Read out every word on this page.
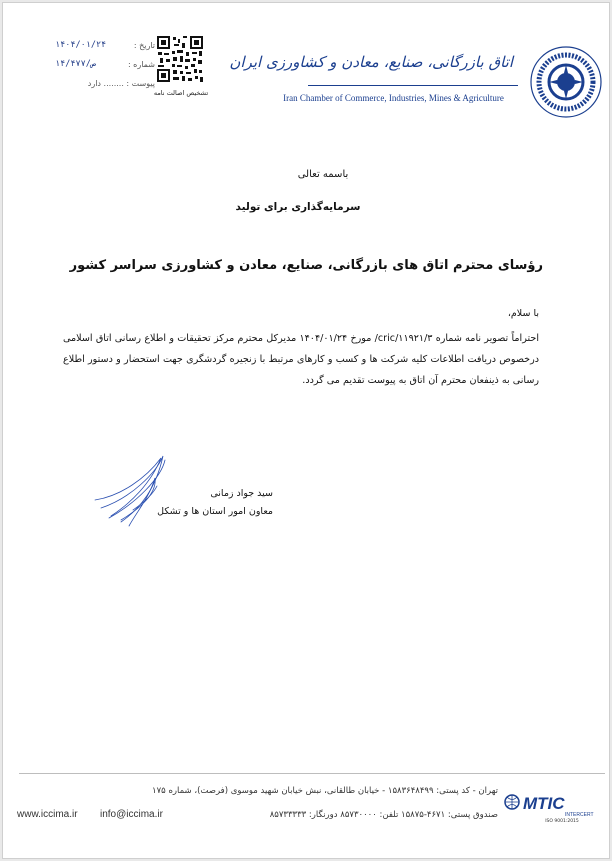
اتاق بازرگانی، صنایع، معادن و کشاورزی ایران
Iran Chamber of Commerce, Industries, Mines & Agriculture
تشخیص اصالت نامه
تاریخ :
۱۴۰۴/۰۱/۲۴
شماره :
۱۴/۴۷۷/ص
پیوست : ........ دارد
باسمه تعالی
سرمایه‌گذاری برای تولید
رؤسای محترم اتاق های بازرگانی، صنایع، معادن و کشاورزی سراسر کشور
با سلام،
احتراماً تصویر نامه شماره ۳/cric/۱۱۹۲۱/ مورخ ۱۴۰۴/۰۱/۲۴ مدیرکل محترم مرکز تحقیقات و اطلاع رسانی اتاق اسلامی درخصوص دریافت اطلاعات کلیه شرکت ها و کسب و کارهای مرتبط با زنجیره گردشگری جهت استحضار و دستور اطلاع رسانی به ذینفعان محترم آن اتاق به پیوست تقدیم می گردد.
سید جواد زمانی
معاون امور استان ها و تشکل
MTIC
INTERCERT
ISO 9001:2015
تهران - کد پستی: ۱۵۸۳۶۴۸۴۹۹ - خیابان طالقانی، نبش خیابان شهید موسوی (فرصت)، شماره ۱۷۵
صندوق پستی: ۴۶۷۱-۱۵۸۷۵ تلفن: ۸۵۷۳۰۰۰۰ دورنگار: ۸۵۷۳۳۳۳۳
www.iccima.ir info@iccima.ir
